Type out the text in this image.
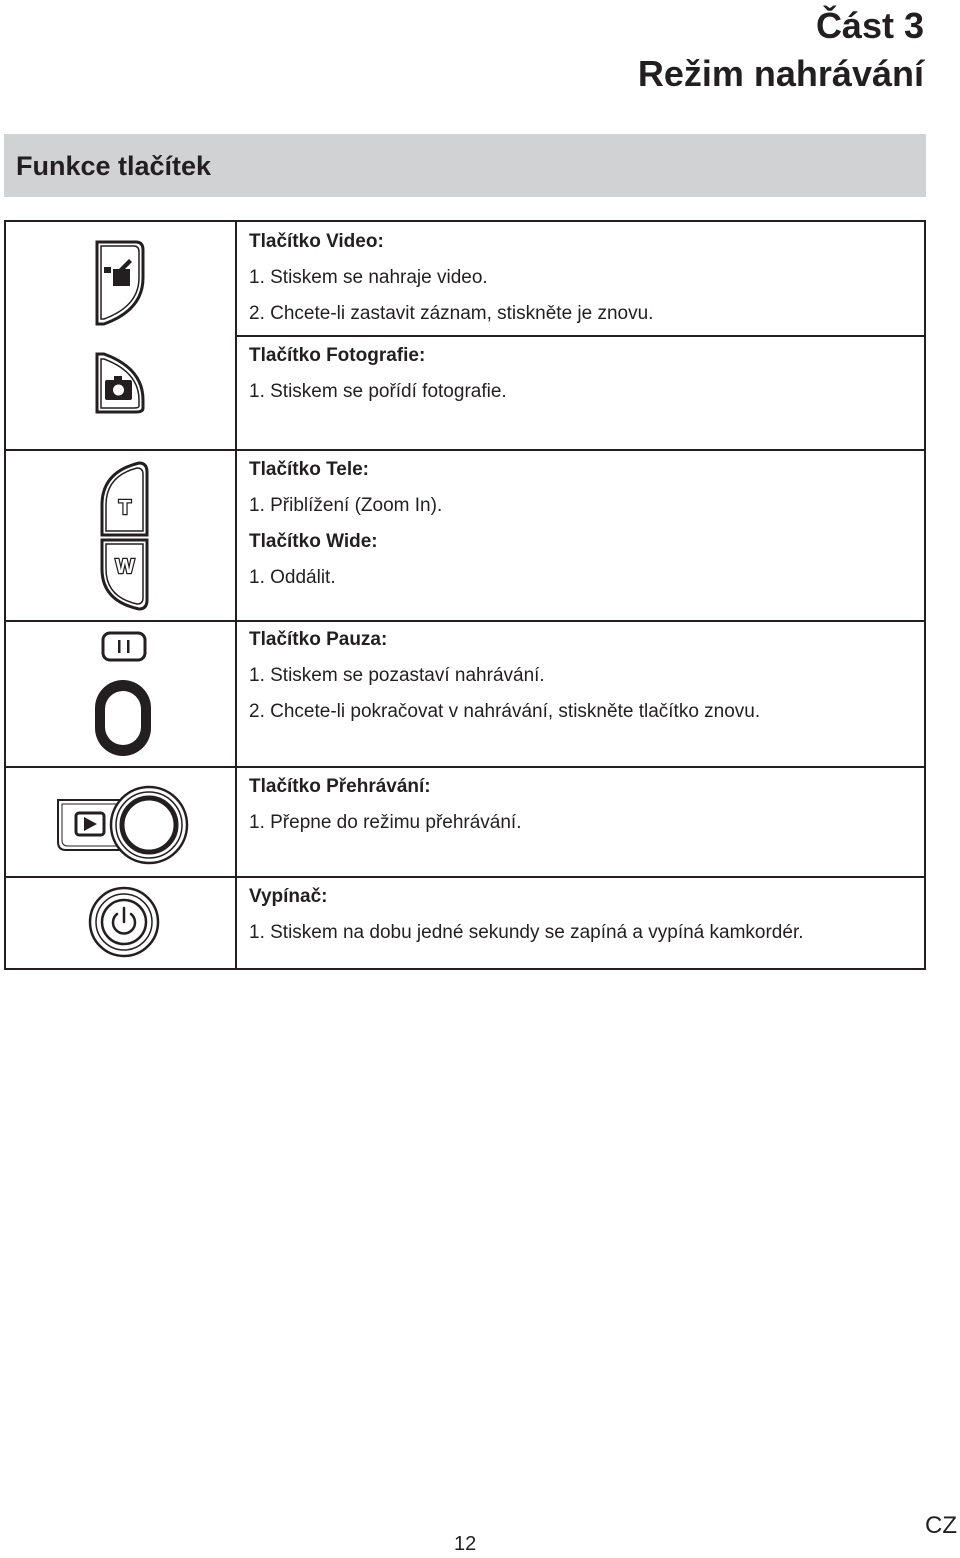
Část 3
Režim nahrávání
Funkce tlačítek
T
W

Tlačítko Video:

1. Stiskem se nahraje video.

2. Chcete-li zastavit záznam, stiskněte je znovu.

Tlačítko Fotografie:

1. Stiskem se pořídí fotografie.

Tlačítko Tele:

1. Přiblížení (Zoom In).

Tlačítko Wide:

1. Oddálit.

Tlačítko Pauza:

1. Stiskem se pozastaví nahrávání.

2. Chcete-li pokračovat v nahrávání, stiskněte tlačítko znovu.

Tlačítko Přehrávání:

1. Přepne do režimu přehrávání.

Vypínač:

1. Stiskem na dobu jedné sekundy se zapíná a vypíná kamkordér.

12
CZ
